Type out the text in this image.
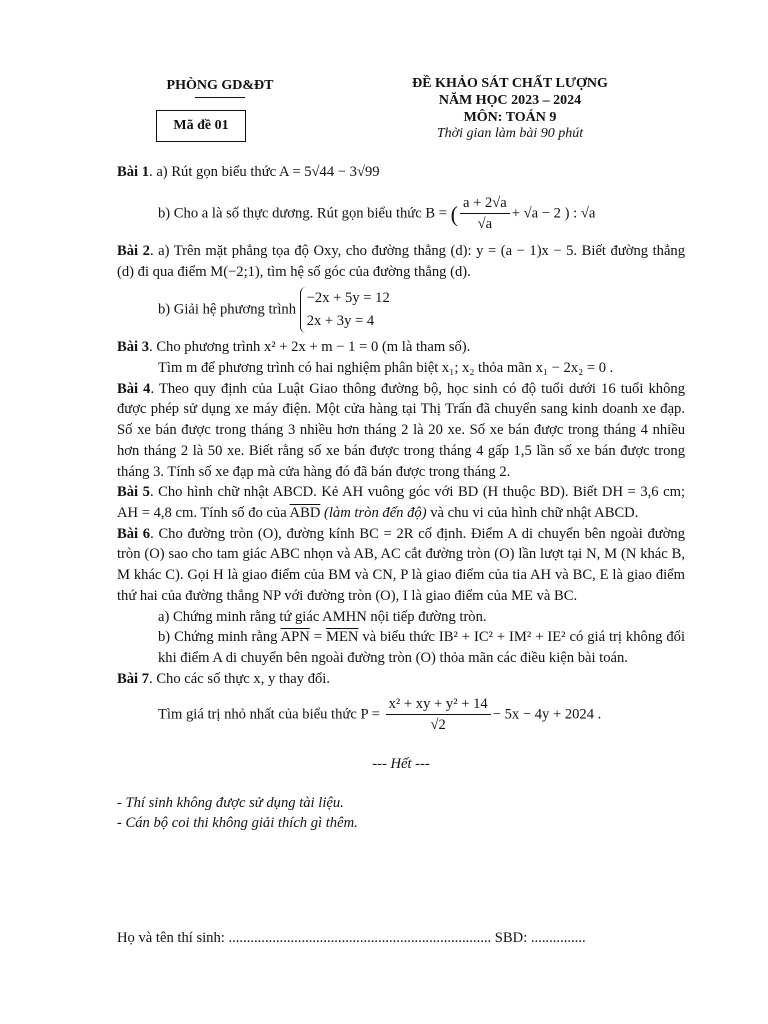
PHÒNG GD&ĐT
Mã đề 01
ĐỀ KHẢO SÁT CHẤT LƯỢNG
NĂM HỌC 2023 – 2024
MÔN: TOÁN 9
Thời gian làm bài 90 phút

Bài 1. a) Rút gọn biểu thức A = 5√44 − 3√99

b) Cho a là số thực dương. Rút gọn biểu thức B = ( $\frac{a + 2√a}{√a} + √a - 2$ ) : √a

Bài 2. a) Trên mặt phẳng tọa độ Oxy, cho đường thẳng (d): y = (a − 1)x − 5. Biết đường thẳng (d) đi qua điểm M(−2;1), tìm hệ số góc của đường thẳng (d).

b) Giải hệ phương trình −2x + 5y = 12
2x + 3y = 4

Bài 3. Cho phương trình x² + 2x + m − 1 = 0 (m là tham số).

Tìm m để phương trình có hai nghiệm phân biệt x₁; x₂ thỏa mãn x₁ − 2x₂ = 0 .

Bài 4. Theo quy định của Luật Giao thông đường bộ, học sinh có độ tuổi dưới 16 tuổi không được phép sử dụng xe máy điện. Một cửa hàng tại Thị Trấn đã chuyển sang kinh doanh xe đạp. Số xe bán được trong tháng 3 nhiều hơn tháng 2 là 20 xe. Số xe bán được trong tháng 4 nhiều hơn tháng 2 là 50 xe. Biết rằng số xe bán được trong tháng 4 gấp 1,5 lần số xe bán được trong tháng 3. Tính số xe đạp mà cửa hàng đó đã bán được trong tháng 2.

Bài 5. Cho hình chữ nhật ABCD. Kẻ AH vuông góc với BD (H thuộc BD). Biết DH = 3,6 cm; AH = 4,8 cm. Tính số đo của $\overline{ABD}$ (làm tròn đến độ) và chu vi của hình chữ nhật ABCD.

Bài 6. Cho đường tròn (O), đường kính BC = 2R cố định. Điểm A di chuyển bên ngoài đường tròn (O) sao cho tam giác ABC nhọn và AB, AC cắt đường tròn (O) lần lượt tại N, M (N khác B, M khác C). Gọi H là giao điểm của BM và CN, P là giao điểm của tia AH và BC, E là giao điểm thứ hai của đường thẳng NP với đường tròn (O), I là giao điểm của ME và BC.

a) Chứng minh rằng tứ giác AMHN nội tiếp đường tròn.

b) Chứng minh rằng $\overline{APN} = \overline{MEN}$ và biểu thức IB² + IC² + IM² + IE² có giá trị không đổi khi điểm A di chuyển bên ngoài đường tròn (O) thỏa mãn các điều kiện bài toán.

Bài 7. Cho các số thực x, y thay đổi.

Tìm giá trị nhỏ nhất của biểu thức $P = \frac{\text{x² + xy + y² + 14}}{√2} - 5x - 4y + 2024$ .

--- Hết ---

- Thí sinh không được sử dụng tài liệu.

- Cán bộ coi thi không giải thích gì thêm.

Họ và tên thí sinh: ........................................................................ SBD: ...............
